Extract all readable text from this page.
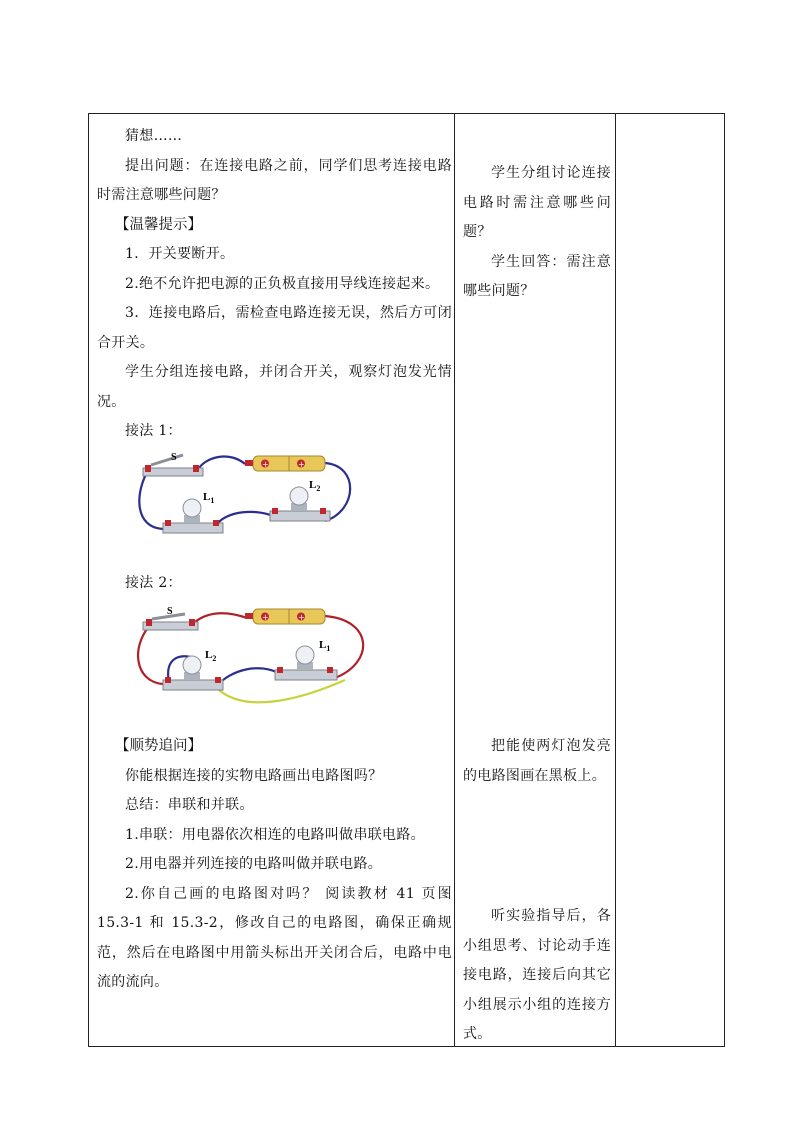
猜想……

提出问题：在连接电路之前，同学们思考连接电路时需注意哪些问题？

【温馨提示】

1．开关要断开。

2.绝不允许把电源的正负极直接用导线连接起来。

3．连接电路后，需检查电路连接无误，然后方可闭合开关。

学生分组连接电路，并闭合开关，观察灯泡发光情况。

接法 1：

S
+	+
$L_1$
$L_2$

接法 2：

S
+	+
$L_2$
$L_1$

【顺势追问】

你能根据连接的实物电路画出电路图吗？

总结：串联和并联。

1.串联：用电器依次相连的电路叫做串联电路。

2.用电器并列连接的电路叫做并联电路。

2.你自己画的电路图对吗？ 阅读教材 41 页图 15.3-1 和 15.3-2，修改自己的电路图，确保正确规范，然后在电路图中用箭头标出开关闭合后，电路中电流的流向。

学生分组讨论连接电路时需注意哪些问题？

学生回答：需注意哪些问题？

把能使两灯泡发亮的电路图画在黑板上。

听实验指导后，各小组思考、讨论动手连接电路，连接后向其它小组展示小组的连接方式。
